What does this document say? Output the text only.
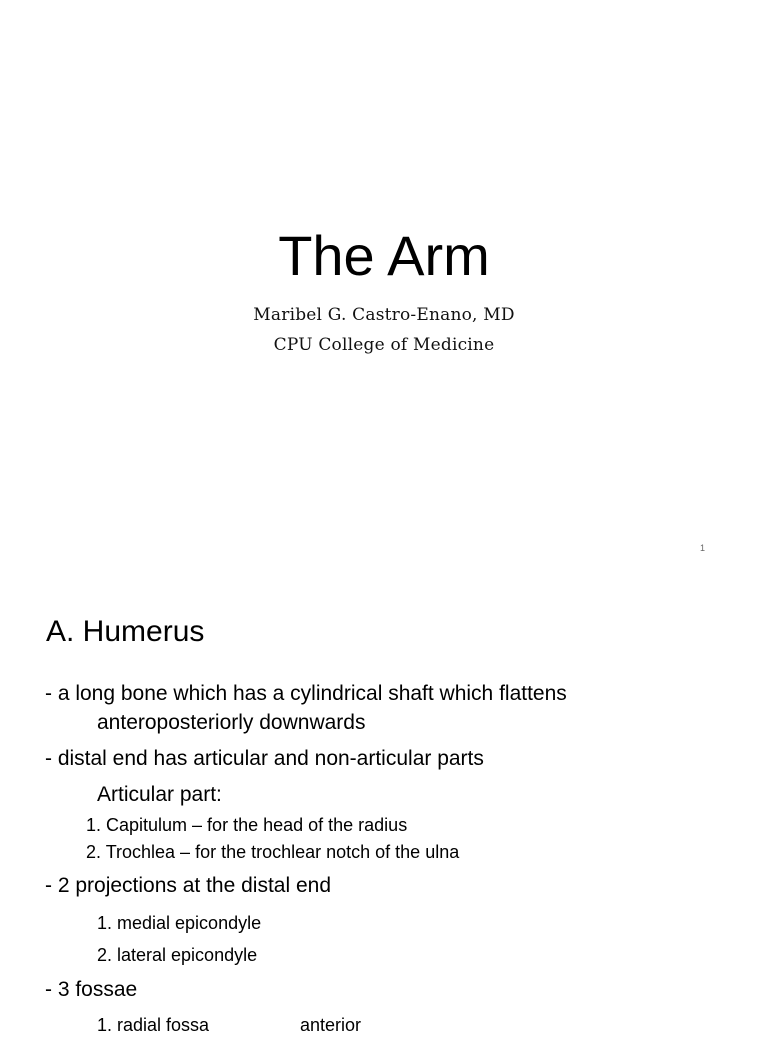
The Arm
Maribel G. Castro-Enano, MD
CPU College of Medicine
1
A. Humerus
- a long bone which has a cylindrical shaft which flattens
anteroposteriorly downwards
- distal end has articular and non-articular parts
Articular part:
1. Capitulum – for the head of the radius
2. Trochlea – for the trochlear notch of the ulna
- 2 projections at the distal end
1. medial epicondyle
2. lateral epicondyle
- 3 fossae
1. radial fossa	anterior
